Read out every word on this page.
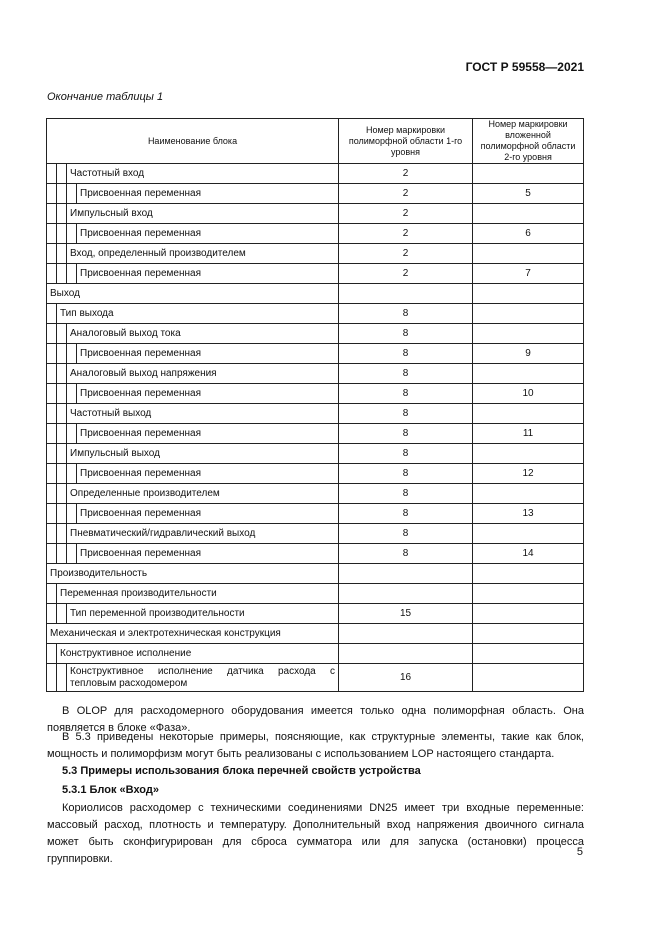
ГОСТ Р 59558—2021
Окончание таблицы 1
Наименование блока				Номер маркировки полиморфной области 1-го уровня	Номер маркировки вложенной полиморфной области 2-го уровня
		Частотный вход		2	
			Присвоенная переменная	2	5
		Импульсный вход		2	
			Присвоенная переменная	2	6
		Вход, определенный производителем		2	
			Присвоенная переменная	2	7
Выход					
	Тип выхода			8	
		Аналоговый выход тока		8	
			Присвоенная переменная	8	9
		Аналоговый выход напряжения		8	
			Присвоенная переменная	8	10
		Частотный выход		8	
			Присвоенная переменная	8	11
		Импульсный выход		8	
			Присвоенная переменная	8	12
		Определенные производителем		8	
			Присвоенная переменная	8	13
		Пневматический/гидравлический выход		8	
			Присвоенная переменная	8	14
Производительность					
	Переменная производительности				
		Тип переменной производительности		15	
Механическая и электротехническая конструкция					
	Конструктивное исполнение				
		Конструктивное исполнение датчика расхода с тепловым расходомером		16	

В OLOP для расходомерного оборудования имеется только одна полиморфная область. Она появляется в блоке «Фаза».

В 5.3 приведены некоторые примеры, поясняющие, как структурные элементы, такие как блок, мощность и полиморфизм могут быть реализованы с использованием LOP настоящего стандарта.

5.3 Примеры использования блока перечней свойств устройства
5.3.1 Блок «Вход»

Кориолисов расходомер с техническими соединениями DN25 имеет три входные переменные: массовый расход, плотность и температуру. Дополнительный вход напряжения двоичного сигнала может быть сконфигурирован для сброса сумматора или для запуска (остановки) процесса группировки.

5
